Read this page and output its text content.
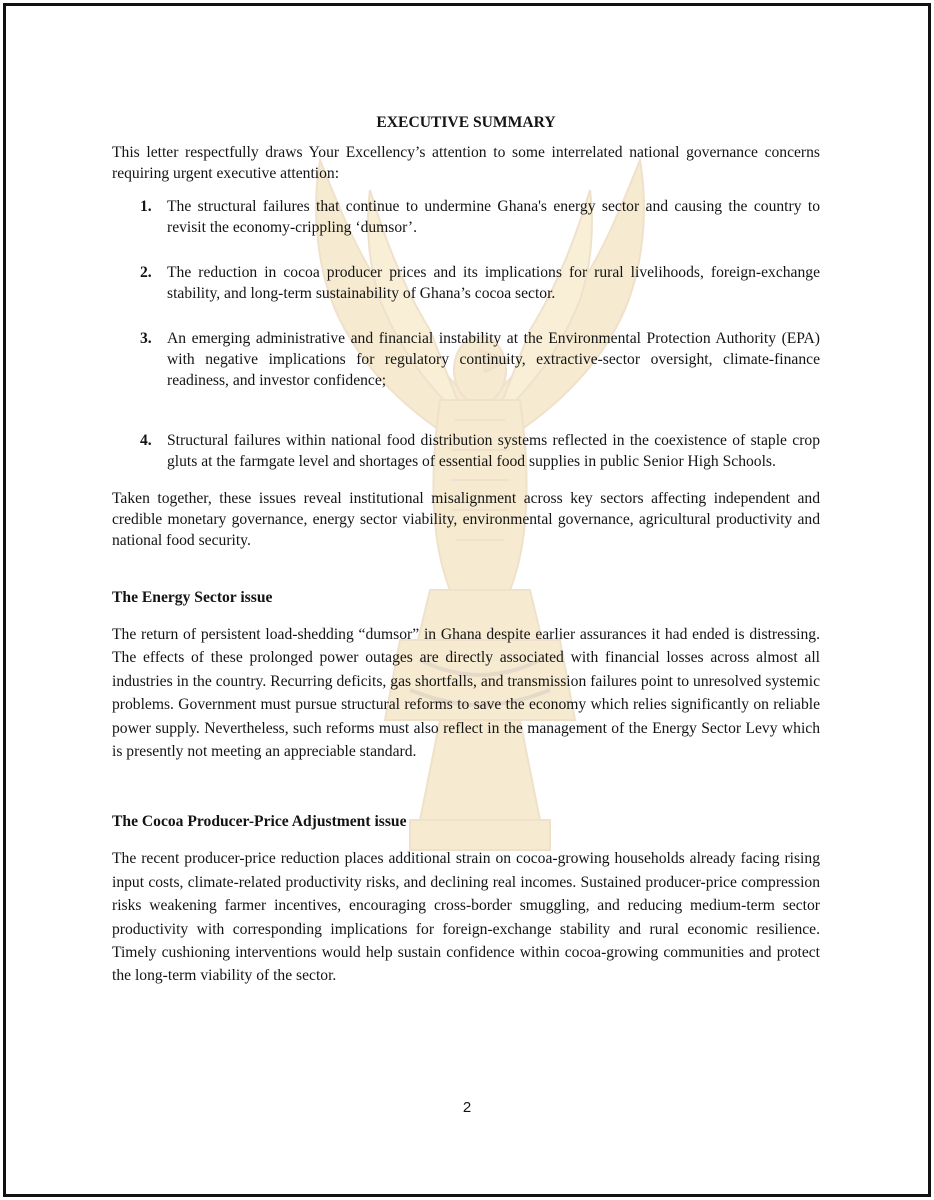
EXECUTIVE SUMMARY

This letter respectfully draws Your Excellency’s attention to some interrelated national governance concerns requiring urgent executive attention:

1. The structural failures that continue to undermine Ghana's energy sector and causing the country to revisit the economy-crippling ‘dumsor’.
2. The reduction in cocoa producer prices and its implications for rural livelihoods, foreign-exchange stability, and long-term sustainability of Ghana’s cocoa sector.
3. An emerging administrative and financial instability at the Environmental Protection Authority (EPA) with negative implications for regulatory continuity, extractive-sector oversight, climate-finance readiness, and investor confidence;
4. Structural failures within national food distribution systems reflected in the coexistence of staple crop gluts at the farmgate level and shortages of essential food supplies in public Senior High Schools.

Taken together, these issues reveal institutional misalignment across key sectors affecting independent and credible monetary governance, energy sector viability, environmental governance, agricultural productivity and national food security.

The Energy Sector issue

The return of persistent load-shedding “dumsor” in Ghana despite earlier assurances it had ended is distressing. The effects of these prolonged power outages are directly associated with financial losses across almost all industries in the country. Recurring deficits, gas shortfalls, and transmission failures point to unresolved systemic problems. Government must pursue structural reforms to save the economy which relies significantly on reliable power supply. Nevertheless, such reforms must also reflect in the management of the Energy Sector Levy which is presently not meeting an appreciable standard.

The Cocoa Producer-Price Adjustment issue

The recent producer-price reduction places additional strain on cocoa-growing households already facing rising input costs, climate-related productivity risks, and declining real incomes. Sustained producer-price compression risks weakening farmer incentives, encouraging cross-border smuggling, and reducing medium-term sector productivity with corresponding implications for foreign-exchange stability and rural economic resilience. Timely cushioning interventions would help sustain confidence within cocoa-growing communities and protect the long-term viability of the sector.

2
